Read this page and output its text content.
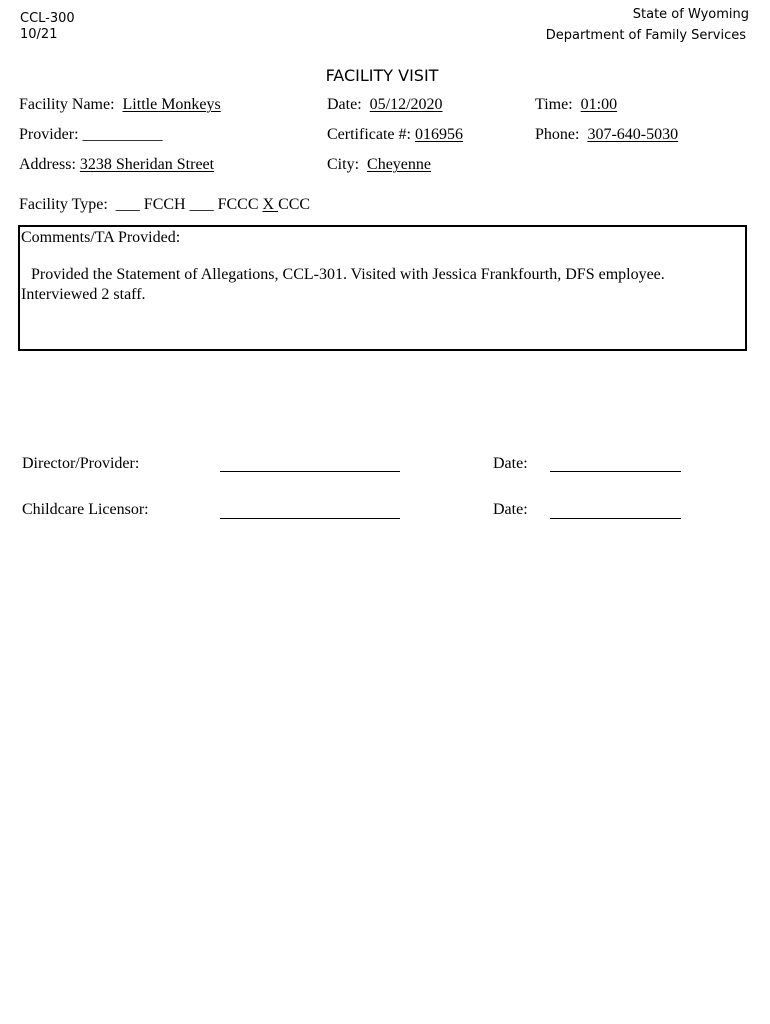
CCL-300
10/21
State of Wyoming
Department of Family Services
FACILITY VISIT
Facility Name: Little Monkeys	Date: 05/12/2020	Time: 01:00
Provider: __________	Certificate #: 016956	Phone: 307-640-5030
Address: 3238 Sheridan Street	City: Cheyenne
Facility Type: ___ FCCH ___ FCCC X CCC
Comments/TA Provided:
Provided the Statement of Allegations, CCL-301. Visited with Jessica Frankfourth, DFS employee.
Interviewed 2 staff.
Director/Provider:	Date:
Childcare Licensor:	Date:
